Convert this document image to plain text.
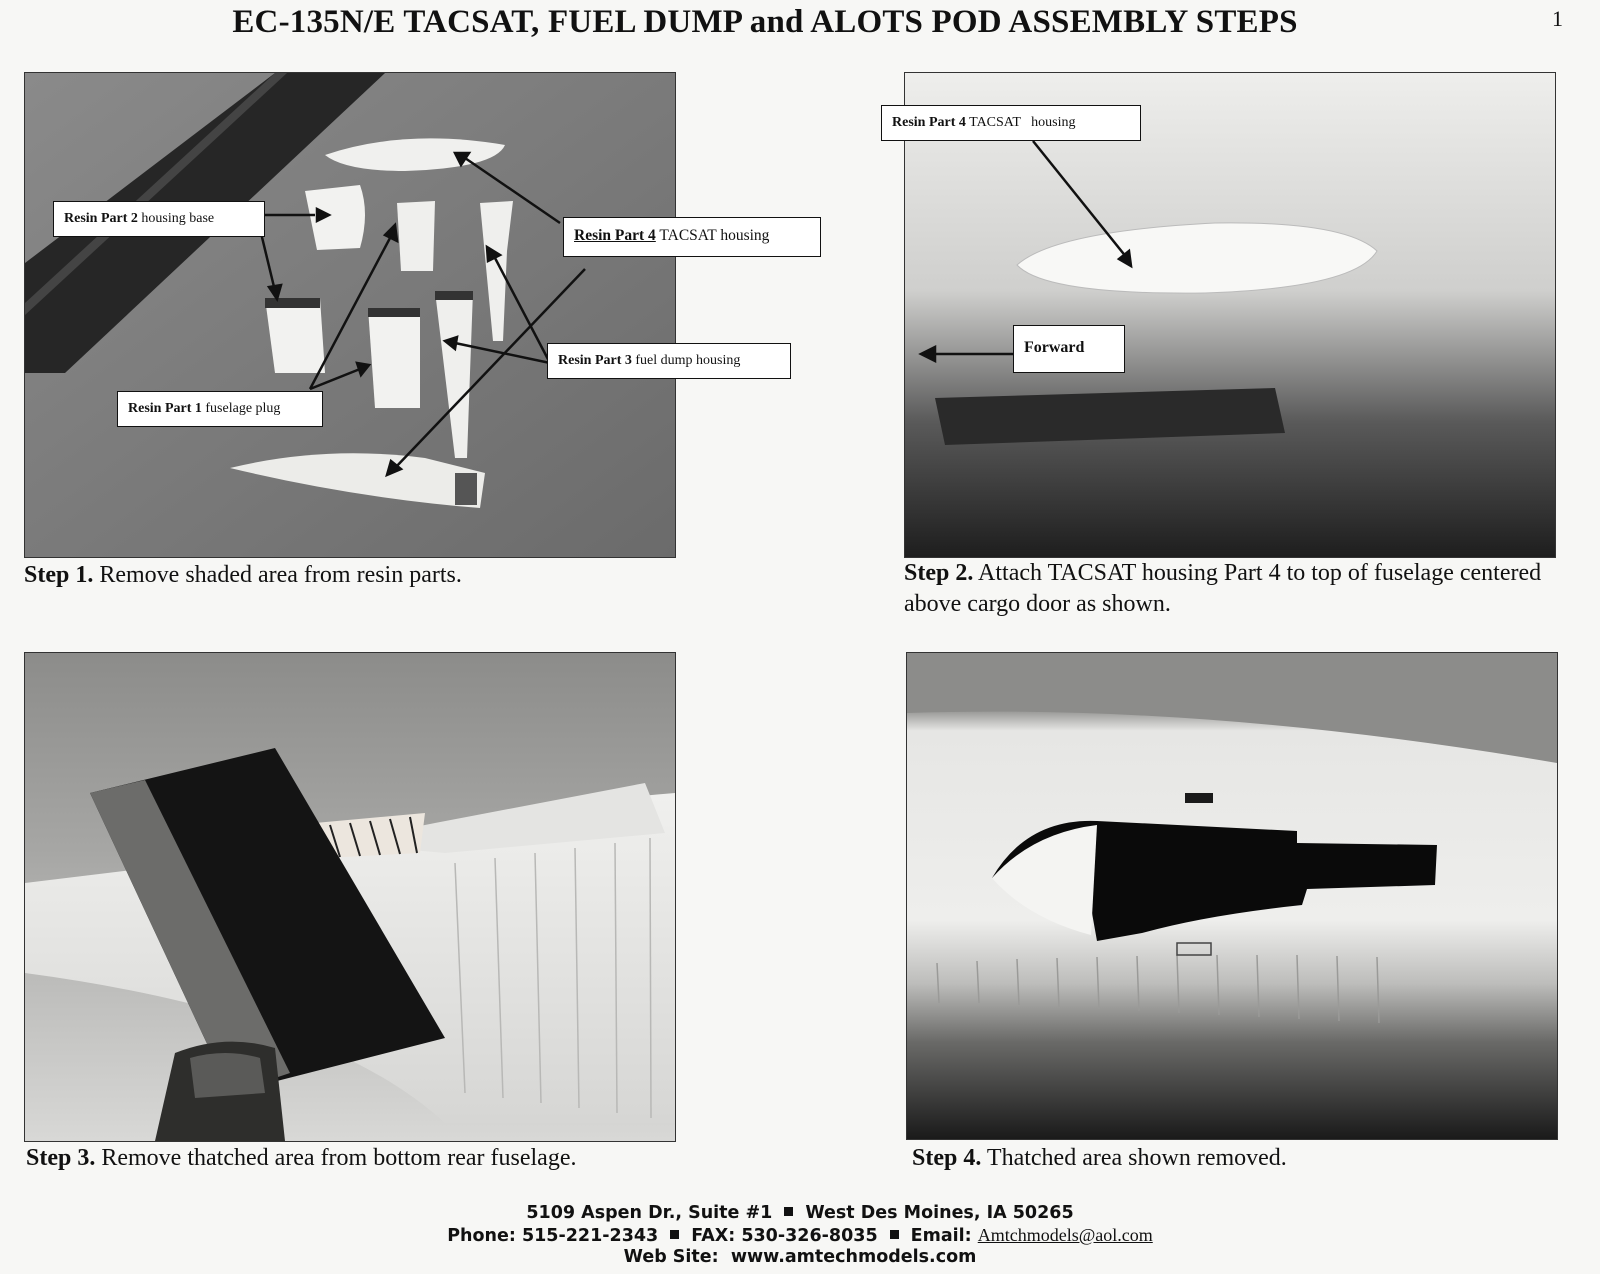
EC-135N/E TACSAT, FUEL DUMP and ALOTS POD ASSEMBLY STEPS	1
Resin Part 2 housing base
Resin Part 4 TACSAT housing
Resin Part 3 fuel dump housing
Resin Part 1 fuselage plug
Step 1. Remove shaded area from resin parts.
Resin Part 4 TACSAT   housing
Forward
Step 2. Attach TACSAT housing Part 4 to top of fuselage centered above cargo door as shown.
Step 3. Remove thatched area from bottom rear fuselage.	Step 4. Thatched area shown removed.
5109 Aspen Dr., Suite #1 West Des Moines, IA 50265
Phone: 515-221-2343 FAX: 530-326-8035 Email: Amtchmodels@aol.com
Web Site: www.amtechmodels.com
